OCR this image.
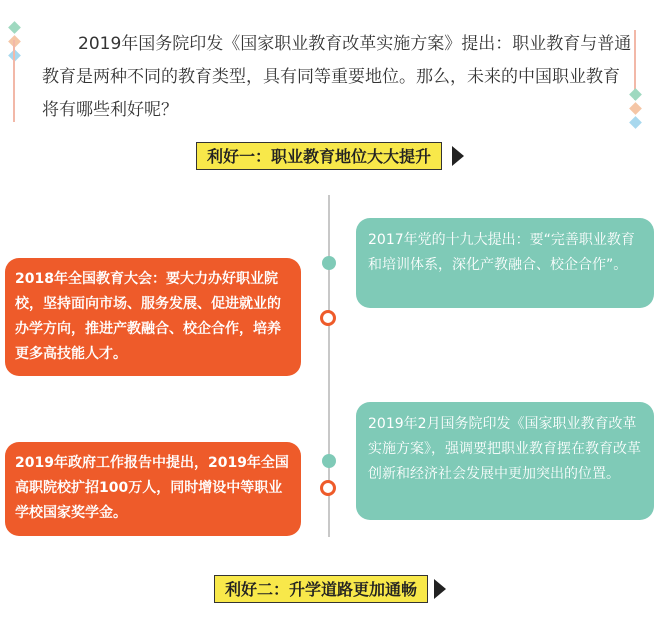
2019年国务院印发《国家职业教育改革实施方案》提出：职业教育与普通教育是两种不同的教育类型，具有同等重要地位。那么，未来的中国职业教育将有哪些利好呢？
利好一：职业教育地位大大提升
2017年党的十九大提出：要“完善职业教育和培训体系，深化产教融合、校企合作”。
2018年全国教育大会：要大力办好职业院校，坚持面向市场、服务发展、促进就业的办学方向，推进产教融合、校企合作，培养更多高技能人才。
2019年2月国务院印发《国家职业教育改革实施方案》，强调要把职业教育摆在教育改革创新和经济社会发展中更加突出的位置。
2019年政府工作报告中提出，2019年全国高职院校扩招100万人，同时增设中等职业学校国家奖学金。
利好二：升学道路更加通畅
